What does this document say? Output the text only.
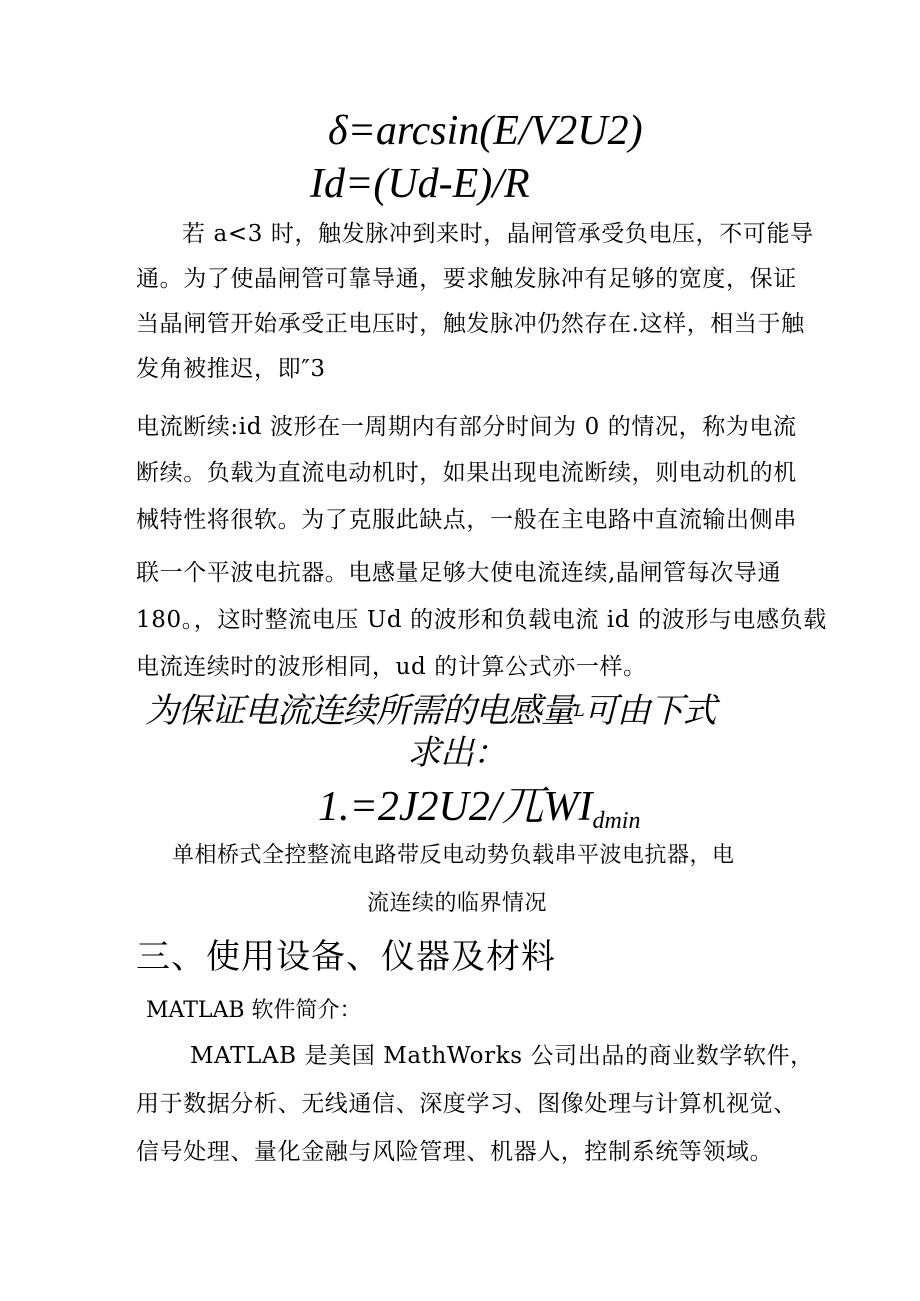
δ=arcsin(E/V2U2)

Id=(Ud-E)/R

若 a<3 时，触发脉冲到来时，晶闸管承受负电压，不可能导

通。为了使晶闸管可靠导通，要求触发脉冲有足够的宽度，保证

当晶闸管开始承受正电压时，触发脉冲仍然存在.这样，相当于触

发角被推迟，即″3

电流断续:id 波形在一周期内有部分时间为 0 的情况，称为电流

断续。负载为直流电动机时，如果出现电流断续，则电动机的机

械特性将很软。为了克服此缺点，一般在主电路中直流输出侧串

联一个平波电抗器。电感量足够大使电流连续,晶闸管每次导通

180。，这时整流电压 Ud 的波形和负载电流 id 的波形与电感负载

电流连续时的波形相同，ud 的计算公式亦一样。

为保证电流连续所需的电感量L可由下式

求出：

1.=2J2U2/兀WIdmin

单相桥式全控整流电路带反电动势负载串平波电抗器，电

流连续的临界情况

三、使用设备、仪器及材料

MATLAB 软件简介：

MATLAB 是美国 MathWorks 公司出品的商业数学软件，

用于数据分析、无线通信、深度学习、图像处理与计算机视觉、

信号处理、量化金融与风险管理、机器人，控制系统等领域。
